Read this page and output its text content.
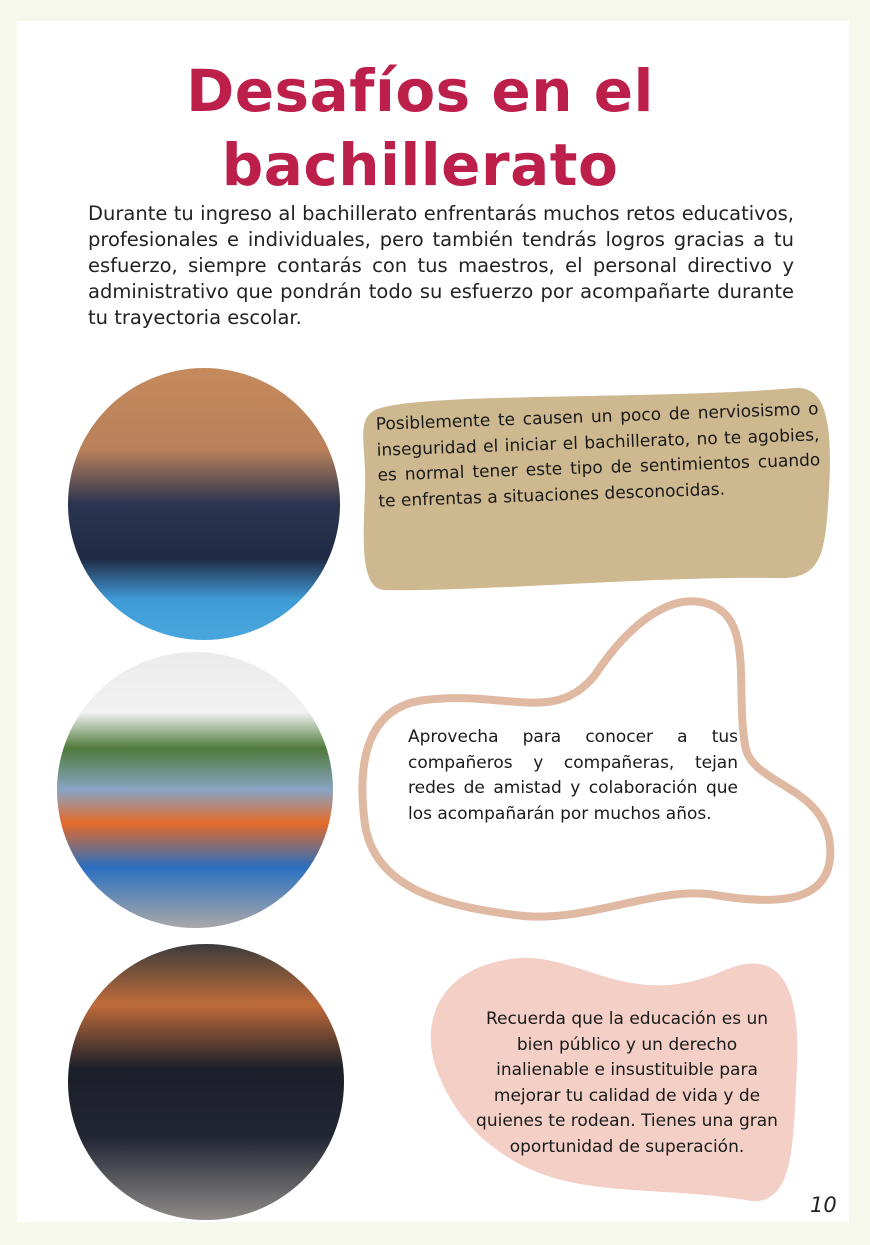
Desafíos en el bachillerato
Durante tu ingreso al bachillerato enfrentarás muchos retos educativos, profesionales e individuales, pero también tendrás logros gracias a tu esfuerzo, siempre contarás con tus maestros, el personal directivo y administrativo que pondrán todo su esfuerzo por acompañarte durante tu trayectoria escolar.
Posiblemente te causen un poco de nerviosismo o inseguridad el iniciar el bachillerato, no te agobies, es normal tener este tipo de sentimientos cuando te enfrentas a situaciones desconocidas.
Aprovecha para conocer a tus compañeros y compañeras, tejan redes de amistad y colaboración que los acompañarán por muchos años.
Recuerda que la educación es un bien público y un derecho inalienable e insustituible para mejorar tu calidad de vida y de quienes te rodean. Tienes una gran oportunidad de superación.
10
